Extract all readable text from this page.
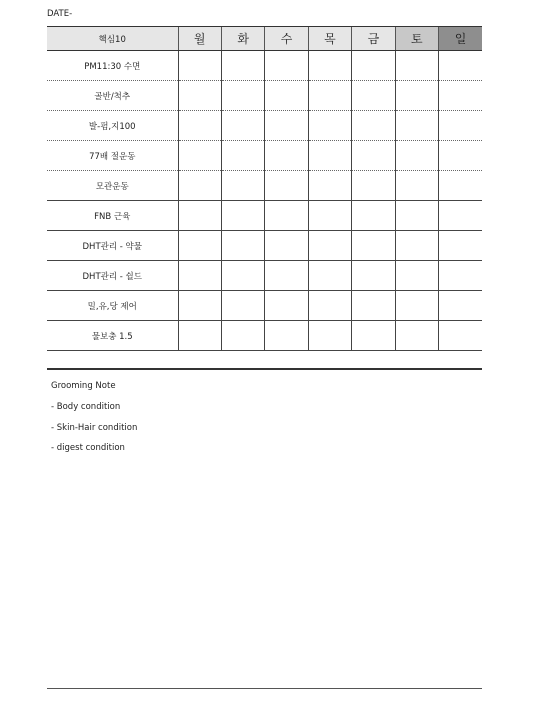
DATE-
핵심10	월	화	수	목	금	토	일
PM11:30 수면							
골반/척추							
발-펌,지100							
77배 절운동							
모관운동							
FNB 근육							
DHT관리 - 약물							
DHT관리 - 쉴드							
밀,유,당 제어							
물보충 1.5							
Grooming Note
- Body condition
- Skin-Hair condition
- digest condition
